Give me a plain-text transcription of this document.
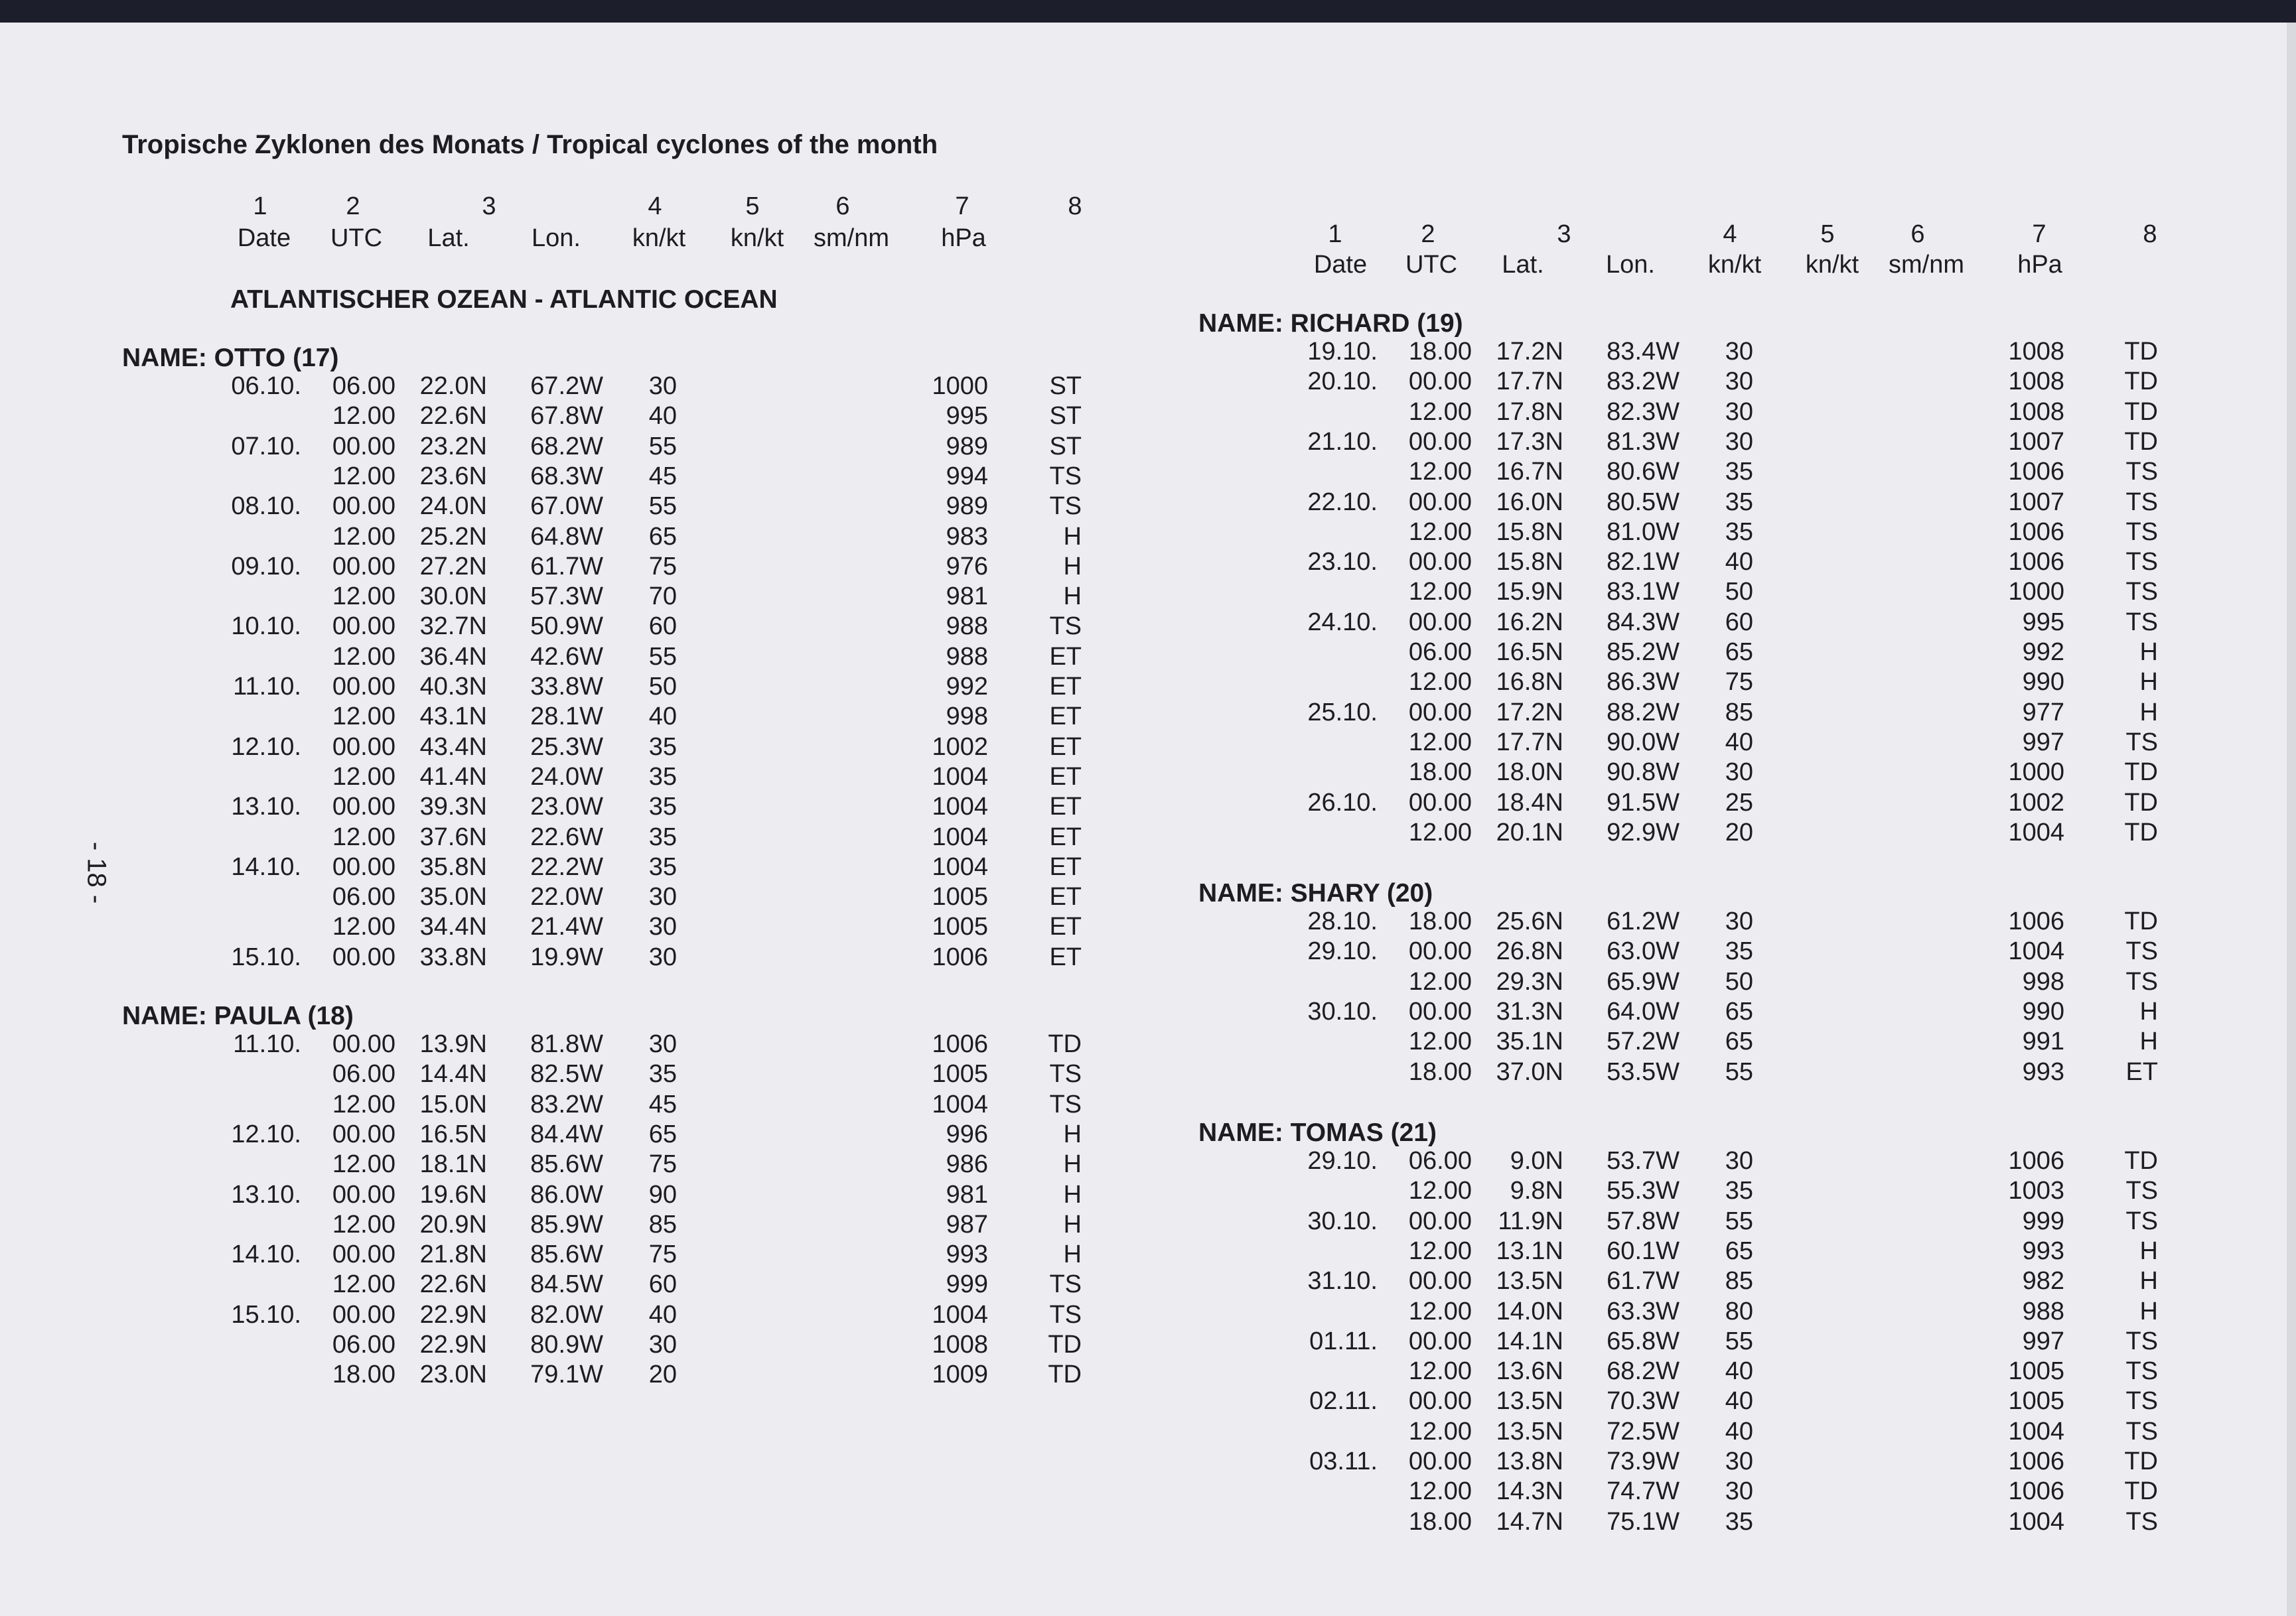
Tropische Zyklonen des Monats / Tropical cyclones of the month
- 18 -
1	2	3	4	5	6	7	8
Date UTC Lat. Lon. kn/kt kn/kt sm/nm hPa
ATLANTISCHER OZEAN - ATLANTIC OCEAN
1	2	3	4	5	6	7	8
Date UTC Lat. Lon. kn/kt kn/kt sm/nm hPa
NAME: OTTO (17)
06.10. 06.00 22.0N 67.2W 30	1000 ST
12.00 22.6N 67.8W 40	995 ST
07.10. 00.00 23.2N 68.2W 55	989 ST
12.00 23.6N 68.3W 45	994 TS
08.10. 00.00 24.0N 67.0W 55	989 TS
12.00 25.2N 64.8W 65	983	H
09.10. 00.00 27.2N 61.7W 75	976	H
12.00 30.0N 57.3W 70	981	H
10.10. 00.00 32.7N 50.9W 60	988 TS
12.00 36.4N 42.6W 55	988 ET
11.10. 00.00 40.3N 33.8W 50	992 ET
12.00 43.1N 28.1W 40	998 ET
12.10. 00.00 43.4N 25.3W 35	1002 ET
12.00 41.4N 24.0W 35	1004 ET
13.10. 00.00 39.3N 23.0W 35	1004 ET
12.00 37.6N 22.6W 35	1004 ET
14.10. 00.00 35.8N 22.2W 35	1004 ET
06.00 35.0N 22.0W 30	1005 ET
12.00 34.4N 21.4W 30	1005 ET
15.10. 00.00 33.8N 19.9W 30	1006 ET
NAME: PAULA (18)
11.10. 00.00 13.9N 81.8W 30	1006 TD
06.00 14.4N 82.5W 35	1005 TS
12.00 15.0N 83.2W 45	1004 TS
12.10. 00.00 16.5N 84.4W 65	996	H
12.00 18.1N 85.6W 75	986	H
13.10. 00.00 19.6N 86.0W 90	981	H
12.00 20.9N 85.9W 85	987	H
14.10. 00.00 21.8N 85.6W 75	993	H
12.00 22.6N 84.5W 60	999 TS
15.10. 00.00 22.9N 82.0W 40	1004 TS
06.00 22.9N 80.9W 30	1008 TD
18.00 23.0N 79.1W 20	1009 TD
NAME: RICHARD (19)
19.10. 18.00 17.2N 83.4W 30	1008 TD
20.10. 00.00 17.7N 83.2W 30	1008 TD
12.00 17.8N 82.3W 30	1008 TD
21.10. 00.00 17.3N 81.3W 30	1007 TD
12.00 16.7N 80.6W 35	1006 TS
22.10. 00.00 16.0N 80.5W 35	1007 TS
12.00 15.8N 81.0W 35	1006 TS
23.10. 00.00 15.8N 82.1W 40	1006 TS
12.00 15.9N 83.1W 50	1000 TS
24.10. 00.00 16.2N 84.3W 60	995 TS
06.00 16.5N 85.2W 65	992	H
12.00 16.8N 86.3W 75	990	H
25.10. 00.00 17.2N 88.2W 85	977	H
12.00 17.7N 90.0W 40	997 TS
18.00 18.0N 90.8W 30	1000 TD
26.10. 00.00 18.4N 91.5W 25	1002 TD
12.00 20.1N 92.9W 20	1004 TD
NAME: SHARY (20)
28.10. 18.00 25.6N 61.2W 30	1006 TD
29.10. 00.00 26.8N 63.0W 35	1004 TS
12.00 29.3N 65.9W 50	998 TS
30.10. 00.00 31.3N 64.0W 65	990	H
12.00 35.1N 57.2W 65	991	H
18.00 37.0N 53.5W 55	993 ET
NAME: TOMAS (21)
29.10. 06.00 9.0N 53.7W 30	1006 TD
12.00 9.8N 55.3W 35	1003 TS
30.10. 00.00 11.9N 57.8W 55	999 TS
12.00 13.1N 60.1W 65	993	H
31.10. 00.00 13.5N 61.7W 85	982	H
12.00 14.0N 63.3W 80	988	H
01.11. 00.00 14.1N 65.8W 55	997 TS
12.00 13.6N 68.2W 40	1005 TS
02.11. 00.00 13.5N 70.3W 40	1005 TS
12.00 13.5N 72.5W 40	1004 TS
03.11. 00.00 13.8N 73.9W 30	1006 TD
12.00 14.3N 74.7W 30	1006 TD
18.00 14.7N 75.1W 35	1004 TS
